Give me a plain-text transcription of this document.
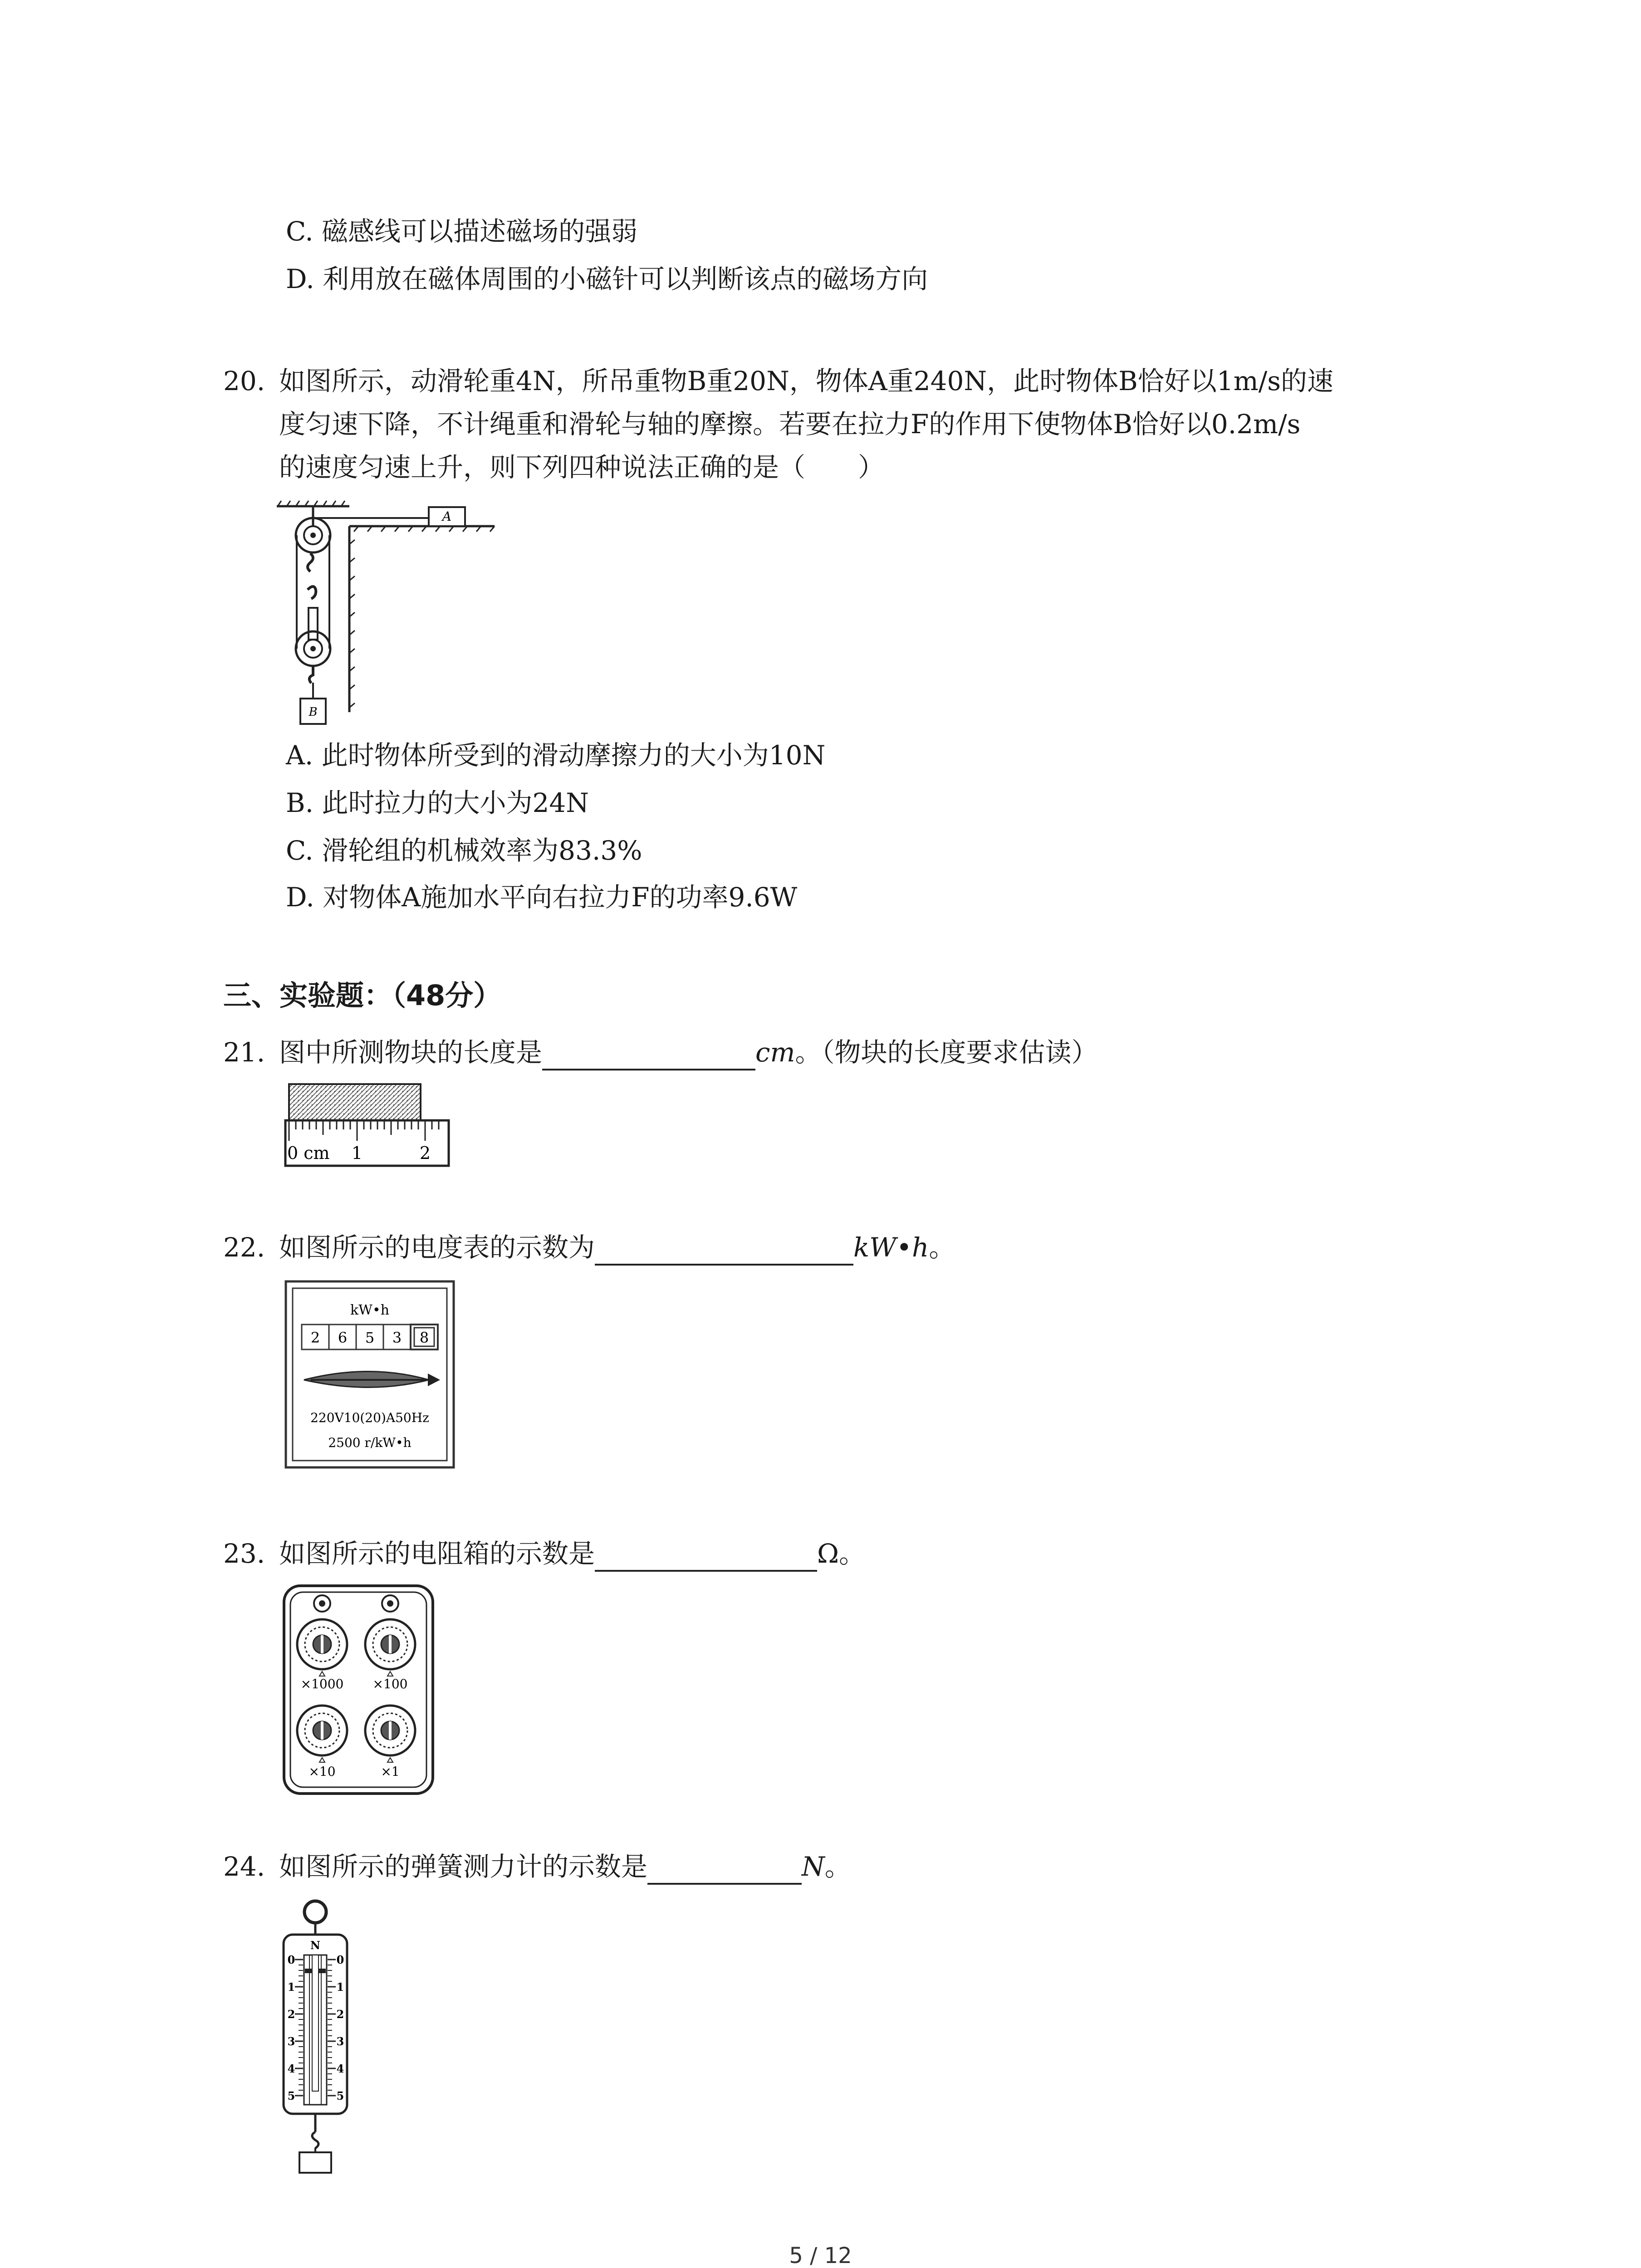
C. 磁感线可以描述磁场的强弱
D. 利用放在磁体周围的小磁针可以判断该点的磁场方向
20. 如图所示，动滑轮重4N，所吊重物B重20N，物体A重240N，此时物体B恰好以1m/s的速
度匀速下降，不计绳重和滑轮与轴的摩擦。若要在拉力F的作用下使物体B恰好以0.2m/s
的速度匀速上升，则下列四种说法正确的是（　　）
A
B
A. 此时物体所受到的滑动摩擦力的大小为10N
B. 此时拉力的大小为24N
C. 滑轮组的机械效率为83.3%
D. 对物体A施加水平向右拉力F的功率9.6W
三、实验题：（48分）
21. 图中所测物块的长度是	cm。（物块的长度要求估读）
0 cm 1	2
22. 如图所示的电度表的示数为	kW•h。
kW•h
2 6 5 3 8
220V10(20)A50Hz
2500 r/kW•h
23. 如图所示的电阻箱的示数是	Ω。
×1000 ×100
×10	×1
24. 如图所示的弹簧测力计的示数是	N。
N
0
1
2
3
4
5
0
1
2
3
4
5
5 / 12
